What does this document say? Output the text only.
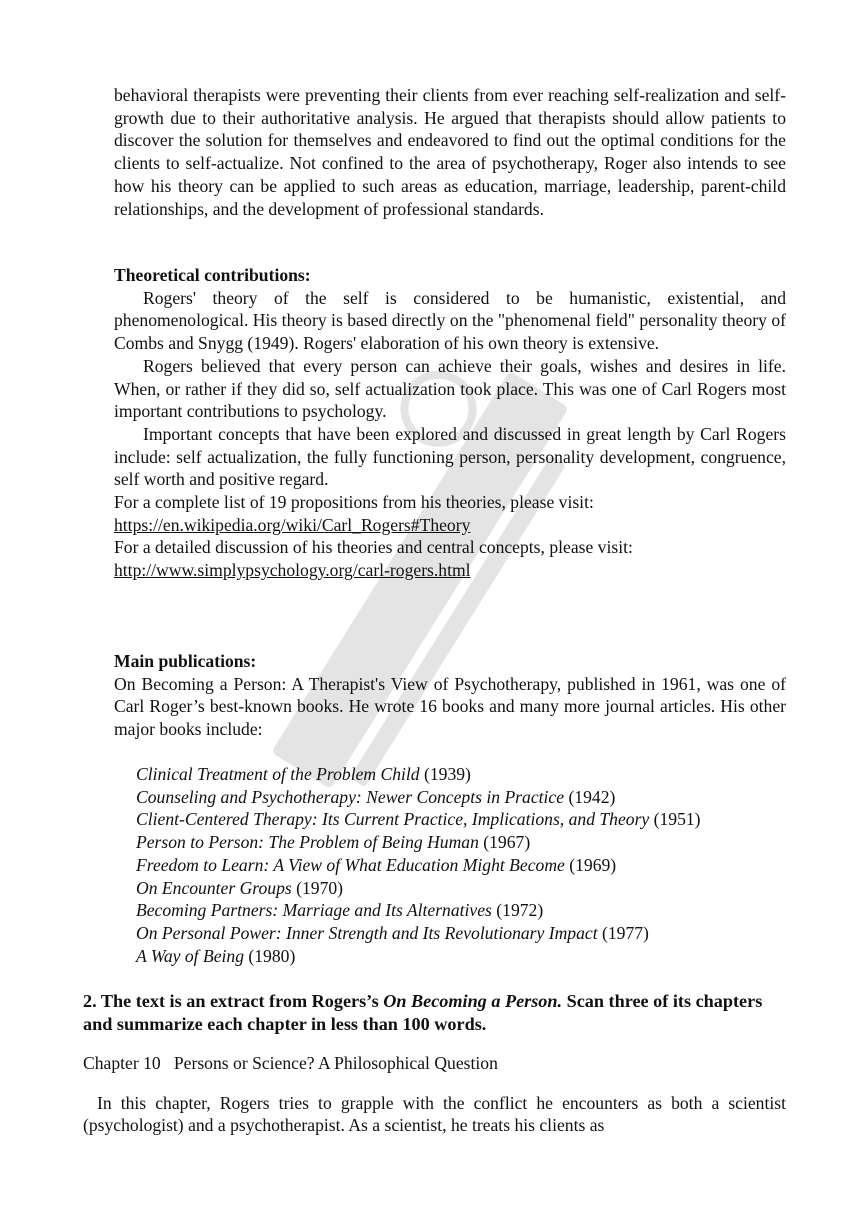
behavioral therapists were preventing their clients from ever reaching self-realization and self-growth due to their authoritative analysis. He argued that therapists should allow patients to discover the solution for themselves and endeavored to find out the optimal conditions for the clients to self-actualize. Not confined to the area of psychotherapy, Roger also intends to see how his theory can be applied to such areas as education, marriage, leadership, parent-child relationships, and the development of professional standards.

Theoretical contributions:

Rogers' theory of the self is considered to be humanistic, existential, and phenomenological. His theory is based directly on the "phenomenal field" personality theory of Combs and Snygg (1949). Rogers' elaboration of his own theory is extensive.

Rogers believed that every person can achieve their goals, wishes and desires in life. When, or rather if they did so, self actualization took place. This was one of Carl Rogers most important contributions to psychology.

Important concepts that have been explored and discussed in great length by Carl Rogers include: self actualization, the fully functioning person, personality development, congruence, self worth and positive regard.

For a complete list of 19 propositions from his theories, please visit:

https://en.wikipedia.org/wiki/Carl_Rogers#Theory

For a detailed discussion of his theories and central concepts, please visit:

http://www.simplypsychology.org/carl-rogers.html

Main publications:

On Becoming a Person: A Therapist's View of Psychotherapy, published in 1961, was one of Carl Roger’s best-known books. He wrote 16 books and many more journal articles. His other major books include:

Clinical Treatment of the Problem Child (1939)
Counseling and Psychotherapy: Newer Concepts in Practice (1942)
Client-Centered Therapy: Its Current Practice, Implications, and Theory (1951)
Person to Person: The Problem of Being Human (1967)
Freedom to Learn: A View of What Education Might Become (1969)
On Encounter Groups (1970)
Becoming Partners: Marriage and Its Alternatives (1972)
On Personal Power: Inner Strength and Its Revolutionary Impact (1977)
A Way of Being (1980)
2. The text is an extract from Rogers’s On Becoming a Person. Scan three of its chapters and summarize each chapter in less than 100 words.

Chapter 10   Persons or Science? A Philosophical Question

In this chapter, Rogers tries to grapple with the conflict he encounters as both a scientist (psychologist) and a psychotherapist. As a scientist, he treats his clients as
